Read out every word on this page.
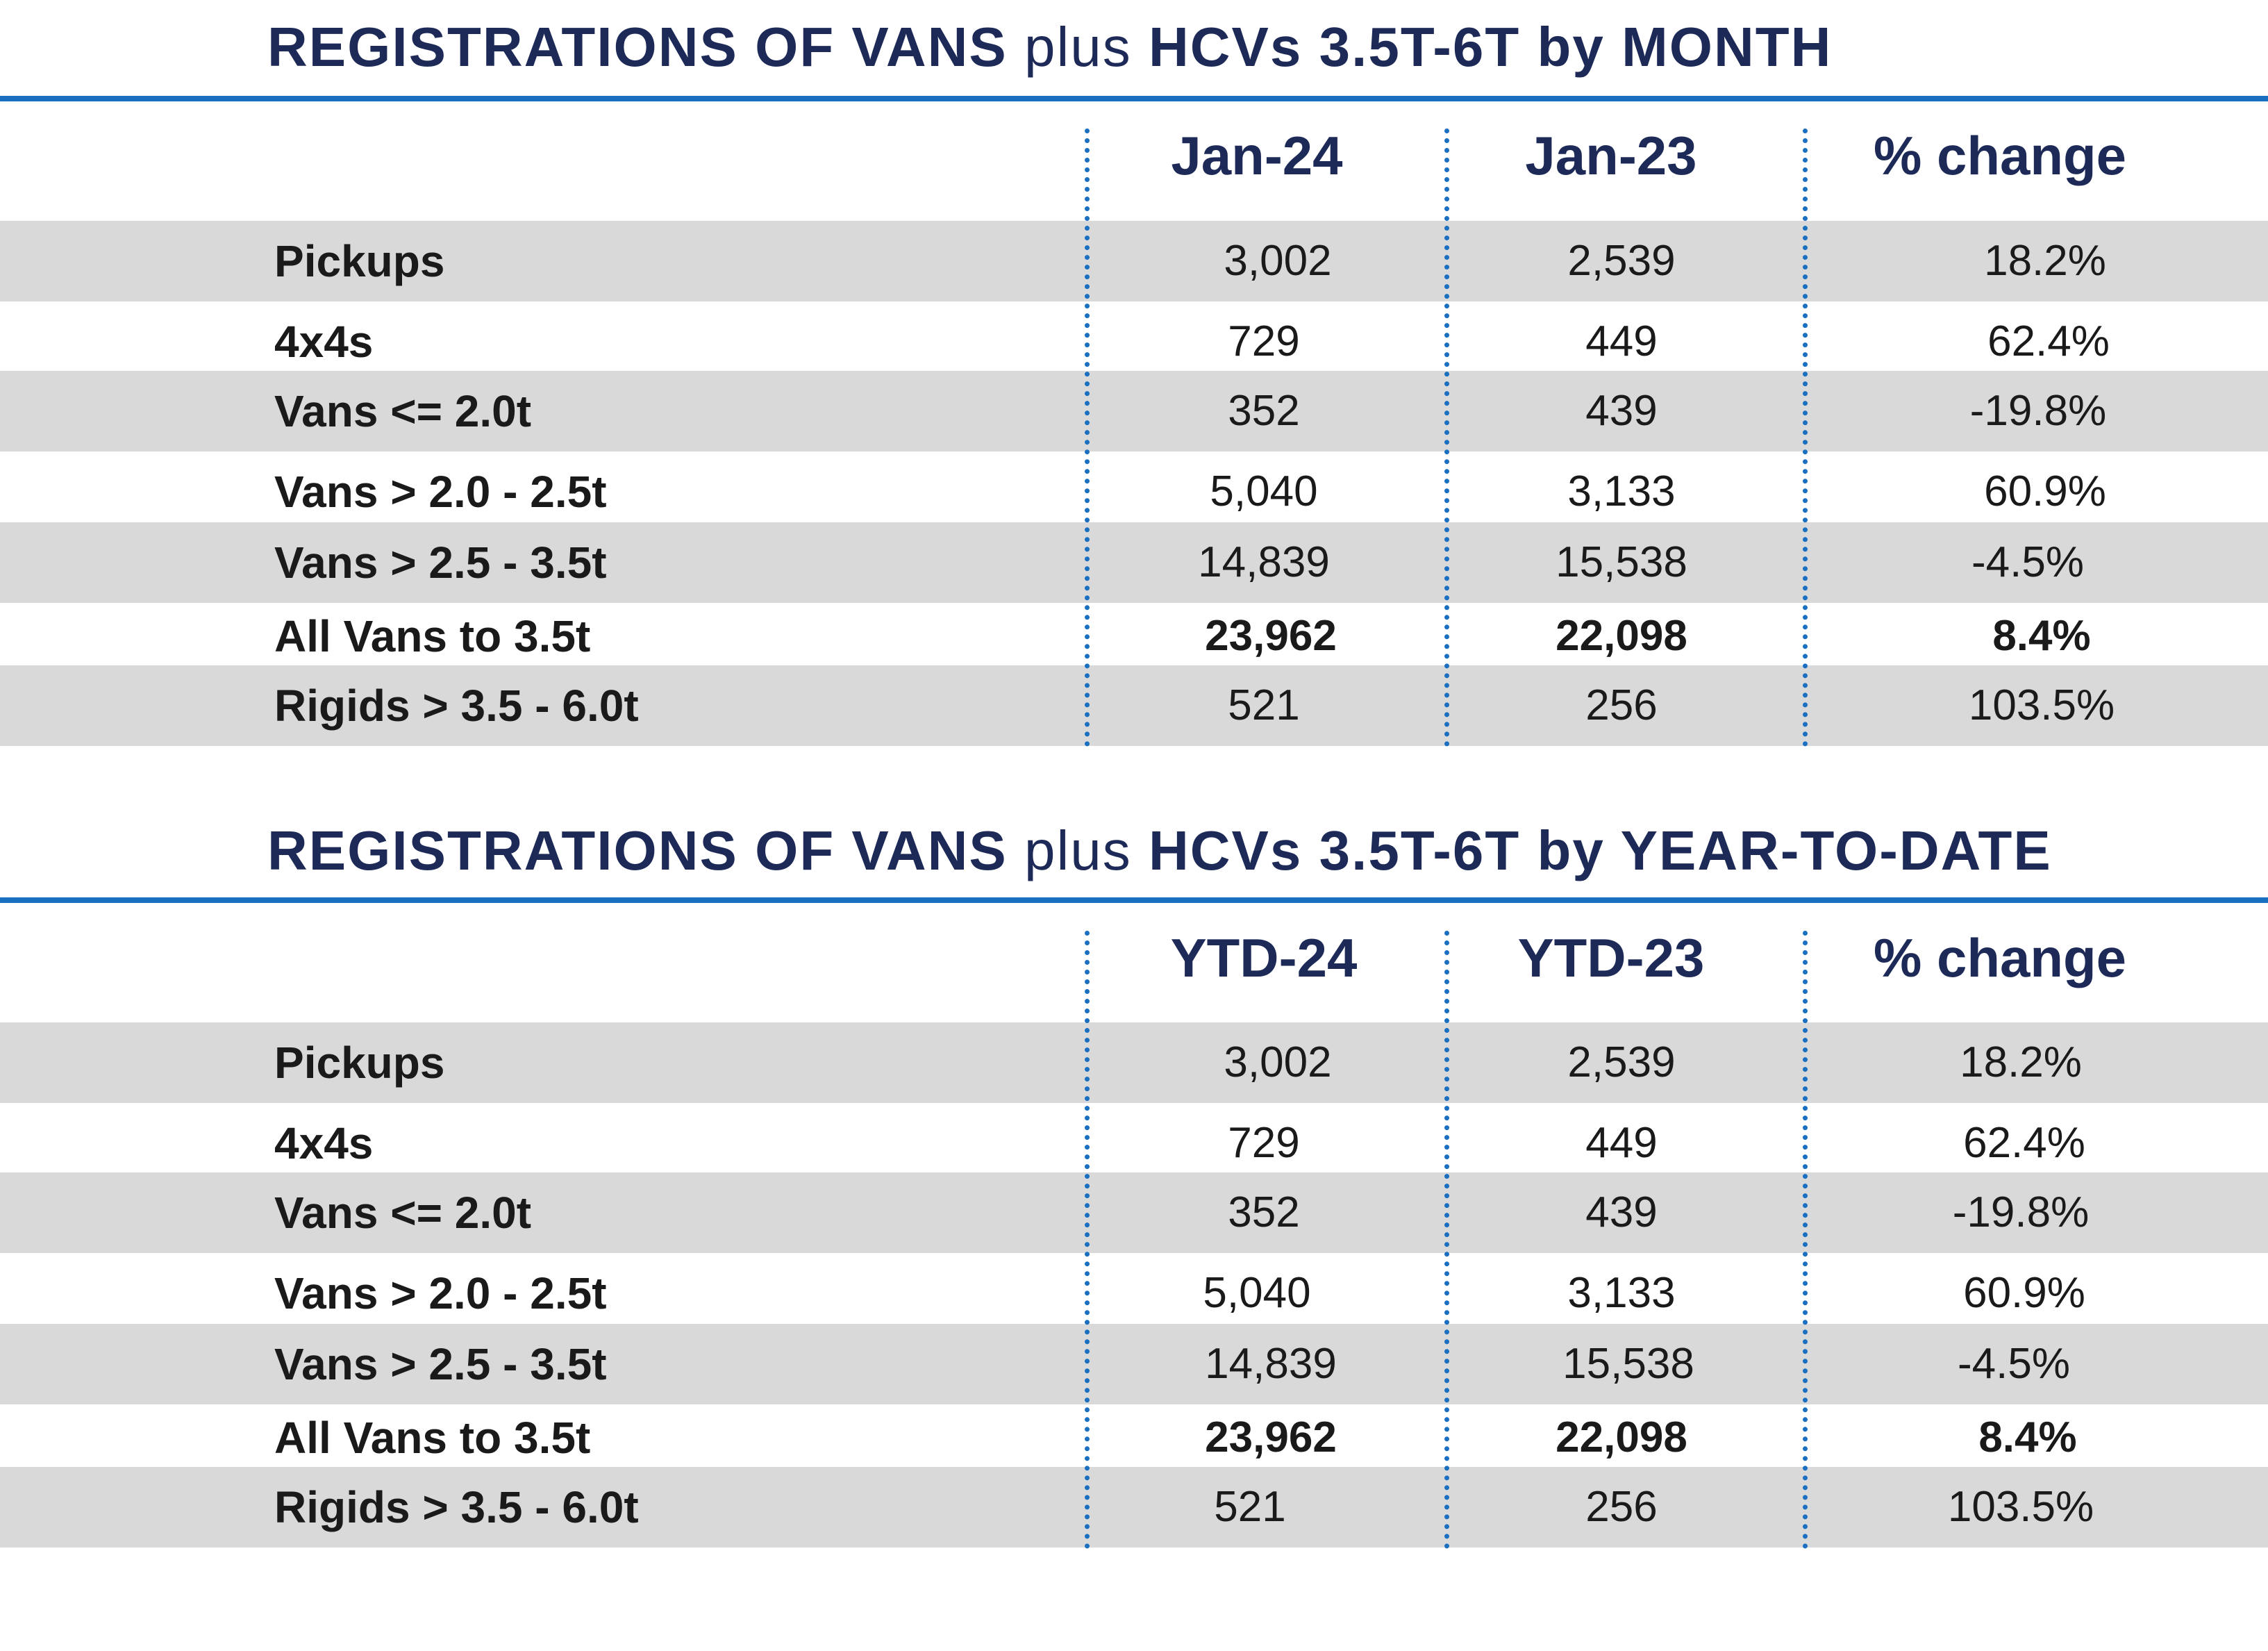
REGISTRATIONS OF VANS plus HCVs 3.5T-6T by MONTH
Jan-24	Jan-23	% change
Pickups	3,002	2,539	18.2%
4x4s	729	449	62.4%
Vans <= 2.0t	352	439	-19.8%
Vans > 2.0 - 2.5t	5,040	3,133	60.9%
Vans > 2.5 - 3.5t	14,839	15,538	-4.5%
All Vans to 3.5t	23,962	22,098	8.4%
Rigids > 3.5 - 6.0t	521	256	103.5%
REGISTRATIONS OF VANS plus HCVs 3.5T-6T by YEAR-TO-DATE
YTD-24	YTD-23	% change
Pickups	3,002	2,539	18.2%
4x4s	729	449	62.4%
Vans <= 2.0t	352	439	-19.8%
Vans > 2.0 - 2.5t	5,040	3,133	60.9%
Vans > 2.5 - 3.5t	14,839	15,538	-4.5%
All Vans to 3.5t	23,962	22,098	8.4%
Rigids > 3.5 - 6.0t	521	256	103.5%
